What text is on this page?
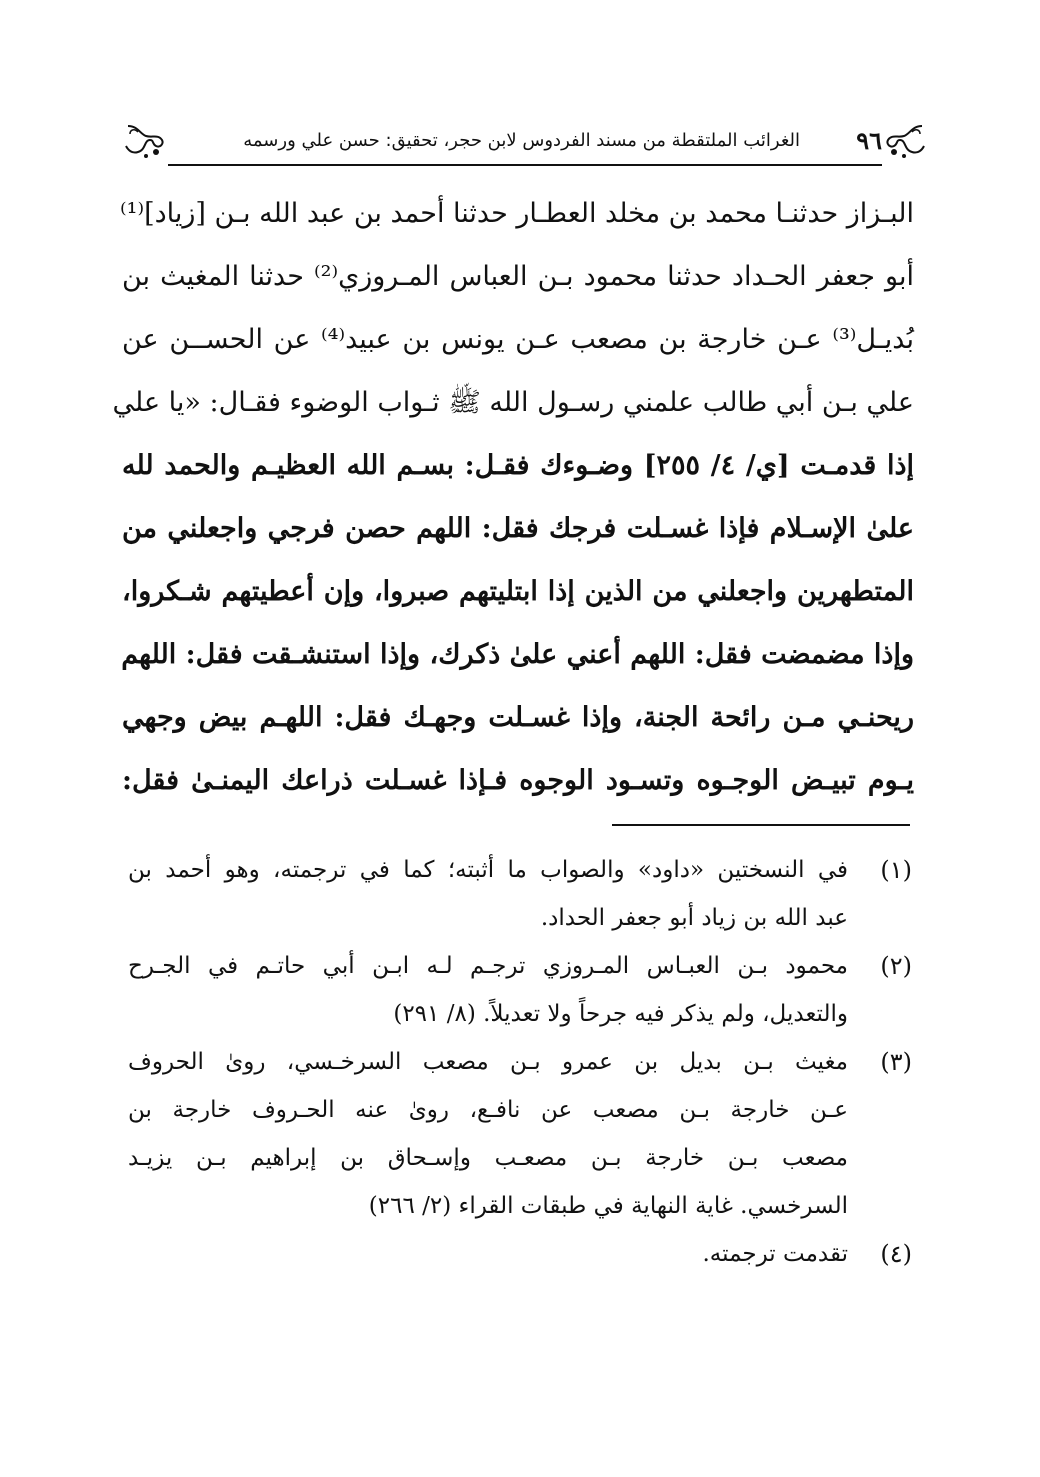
٩٦
الغرائب الملتقطة من مسند الفردوس لابن حجر، تحقيق: حسن علي ورسمه
البـزاز حدثنـا محمد بن مخلد العطـار حدثنا أحمد بن عبد الله بـن [زياد]⁽¹⁾
أبو جعفر الحـداد حدثنا محمود بـن العباس المـروزي⁽²⁾ حدثنا المغيث بن
بُديـل⁽³⁾ عـن خارجة بن مصعب عـن يونس بن عبيد⁽⁴⁾ عن الحســن عن
علي بـن أبي طالب علمني رسـول الله ﷺ ثـواب الوضوء فقـال: «يا علي
إذا قدمـت [ي/ ٤/ ٢٥٥] وضـوءك فقـل: بسـم الله العظيـم والحمد لله
علىٰ الإسـلام فإذا غسـلت فرجك فقل: اللهم حصن فرجي واجعلني من
المتطهرين واجعلني من الذين إذا ابتليتهم صبروا، وإن أعطيتهم شـكروا،
وإذا مضمضت فقل: اللهم أعني علىٰ ذكرك، وإذا استنشـقت فقل: اللهم
ريحنـي مـن رائحة الجنة، وإذا غسـلت وجهـك فقل: اللهـم بيض وجهي
يـوم تبيـض الوجـوه وتسـود الوجوه فـإذا غسـلت ذراعك اليمنـىٰ فقل:
(١)
في النسختين «داود» والصواب ما أثبته؛ كما في ترجمته، وهو أحمد بن
عبد الله بن زياد أبو جعفر الحداد.
(٢)
محمود بـن العبـاس المـروزي ترجـم لـه ابـن أبي حاتـم في الجـرح
والتعديل، ولم يذكر فيه جرحاً ولا تعديلاً. (٨/ ٢٩١)
(٣)
مغيث بـن بديل بن عمرو بـن مصعب السرخـسي، روىٰ الحروف
عـن خارجة بـن مصعب عن نافـع، روىٰ عنه الحـروف خارجة بن
مصعب بـن خارجة بـن مصعـب وإسـحاق بن إبراهيم بـن يزيـد
السرخسي. غاية النهاية في طبقات القراء (٢/ ٢٦٦)
(٤)
تقدمت ترجمته.
